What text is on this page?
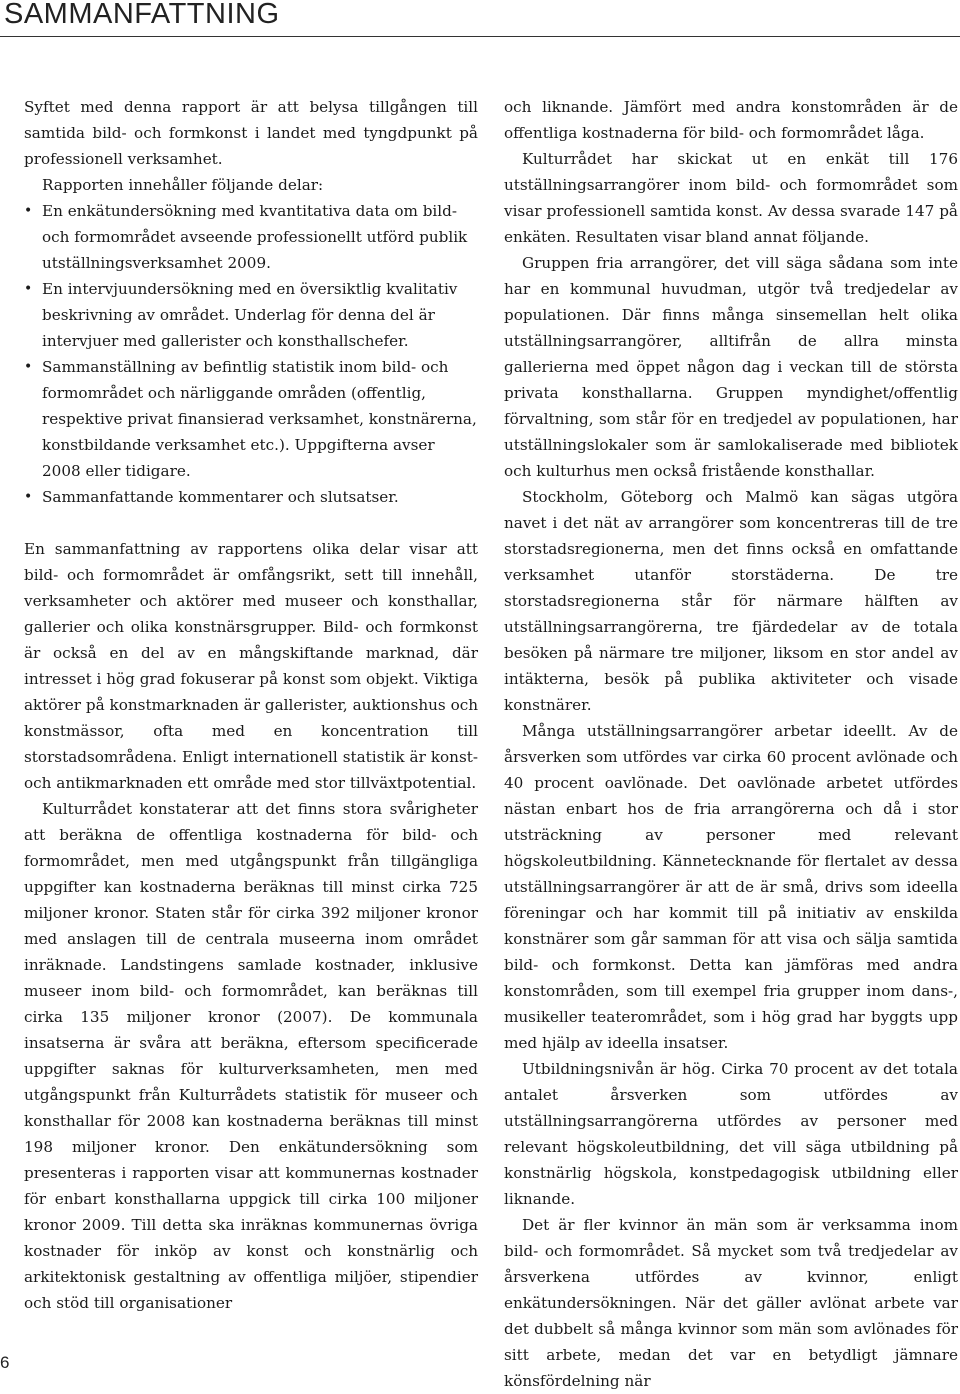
SAMMANFATTNING

Syftet med denna rapport är att belysa tillgången till samtida bild- och formkonst i landet med tyngdpunkt på professionell verksamhet.

Rapporten innehåller följande delar:

• En enkätundersökning med kvantitativa data om bild- och formområdet avseende professionellt utförd publik utställningsverksamhet 2009.
• En intervjuundersökning med en översiktlig kvalitativ beskrivning av området. Underlag för denna del är intervjuer med gallerister och konsthallschefer.
• Sammanställning av befintlig statistik inom bild- och formområdet och närliggande områden (offentlig, respektive privat finansierad verksamhet, konstnärerna, konstbildande verksamhet etc.). Uppgifterna avser 2008 eller tidigare.
• Sammanfattande kommentarer och slutsatser.

En sammanfattning av rapportens olika delar visar att bild- och formområdet är omfångsrikt, sett till innehåll, verksamheter och aktörer med museer och konsthallar, gallerier och olika konstnärsgrupper. Bild- och formkonst är också en del av en mångskiftande marknad, där intresset i hög grad fokuserar på konst som objekt. Viktiga aktörer på konstmarknaden är gallerister, auktionshus och konstmässor, ofta med en koncentration till storstadsområdena. Enligt internationell statistik är konst- och antikmarknaden ett område med stor tillväxtpotential.

Kulturrådet konstaterar att det finns stora svårigheter att beräkna de offentliga kostnaderna för bild- och formområdet, men med utgångspunkt från tillgängliga uppgifter kan kostnaderna beräknas till minst cirka 725 miljoner kronor. Staten står för cirka 392 miljoner kronor med anslagen till de centrala museerna inom området inräknade. Landstingens samlade kostnader, inklusive museer inom bild- och formområdet, kan beräknas till cirka 135 miljoner kronor (2007). De kommunala insatserna är svåra att beräkna, eftersom specificerade uppgifter saknas för kulturverksamheten, men med utgångspunkt från Kulturrådets statistik för museer och konsthallar för 2008 kan kostnaderna beräknas till minst 198 miljoner kronor. Den enkätundersökning som presenteras i rapporten visar att kommunernas kostnader för enbart konsthallarna uppgick till cirka 100 miljoner kronor 2009. Till detta ska inräknas kommunernas övriga kostnader för inköp av konst och konstnärlig och arkitektonisk gestaltning av offentliga miljöer, stipendier och stöd till organisationer

och liknande. Jämfört med andra konstområden är de offentliga kostnaderna för bild- och formområdet låga.

Kulturrådet har skickat ut en enkät till 176 utställningsarrangörer inom bild- och formområdet som visar professionell samtida konst. Av dessa svarade 147 på enkäten. Resultaten visar bland annat följande.

Gruppen fria arrangörer, det vill säga sådana som inte har en kommunal huvudman, utgör två tredjedelar av populationen. Där finns många sinsemellan helt olika utställningsarrangörer, alltifrån de allra minsta gallerierna med öppet någon dag i veckan till de största privata konsthallarna. Gruppen myndighet/offentlig förvaltning, som står för en tredjedel av populationen, har utställningslokaler som är samlokaliserade med bibliotek och kulturhus men också fristående konsthallar.

Stockholm, Göteborg och Malmö kan sägas utgöra navet i det nät av arrangörer som koncentreras till de tre storstadsregionerna, men det finns också en omfattande verksamhet utanför storstäderna. De tre storstadsregionerna står för närmare hälften av utställningsarrangörerna, tre fjärdedelar av de totala besöken på närmare tre miljoner, liksom en stor andel av intäkterna, besök på publika aktiviteter och visade konstnärer.

Många utställningsarrangörer arbetar ideellt. Av de årsverken som utfördes var cirka 60 procent avlönade och 40 procent oavlönade. Det oavlönade arbetet utfördes nästan enbart hos de fria arrangörerna och då i stor utsträckning av personer med relevant högskoleutbildning. Kännetecknande för flertalet av dessa utställningsarrangörer är att de är små, drivs som ideella föreningar och har kommit till på initiativ av enskilda konstnärer som går samman för att visa och sälja samtida bild- och formkonst. Detta kan jämföras med andra konstområden, som till exempel fria grupper inom dans-, musikeller teaterområdet, som i hög grad har byggts upp med hjälp av ideella insatser.

Utbildningsnivån är hög. Cirka 70 procent av det totala antalet årsverken som utfördes av utställningsarrangörerna utfördes av personer med relevant högskoleutbildning, det vill säga utbildning på konstnärlig högskola, konstpedagogisk utbildning eller liknande.

Det är fler kvinnor än män som är verksamma inom bild- och formområdet. Så mycket som två tredjedelar av årsverkena utfördes av kvinnor, enligt enkätundersökningen. När det gäller avlönat arbete var det dubbelt så många kvinnor som män som avlönades för sitt arbete, medan det var en betydligt jämnare könsfördelning när

6
